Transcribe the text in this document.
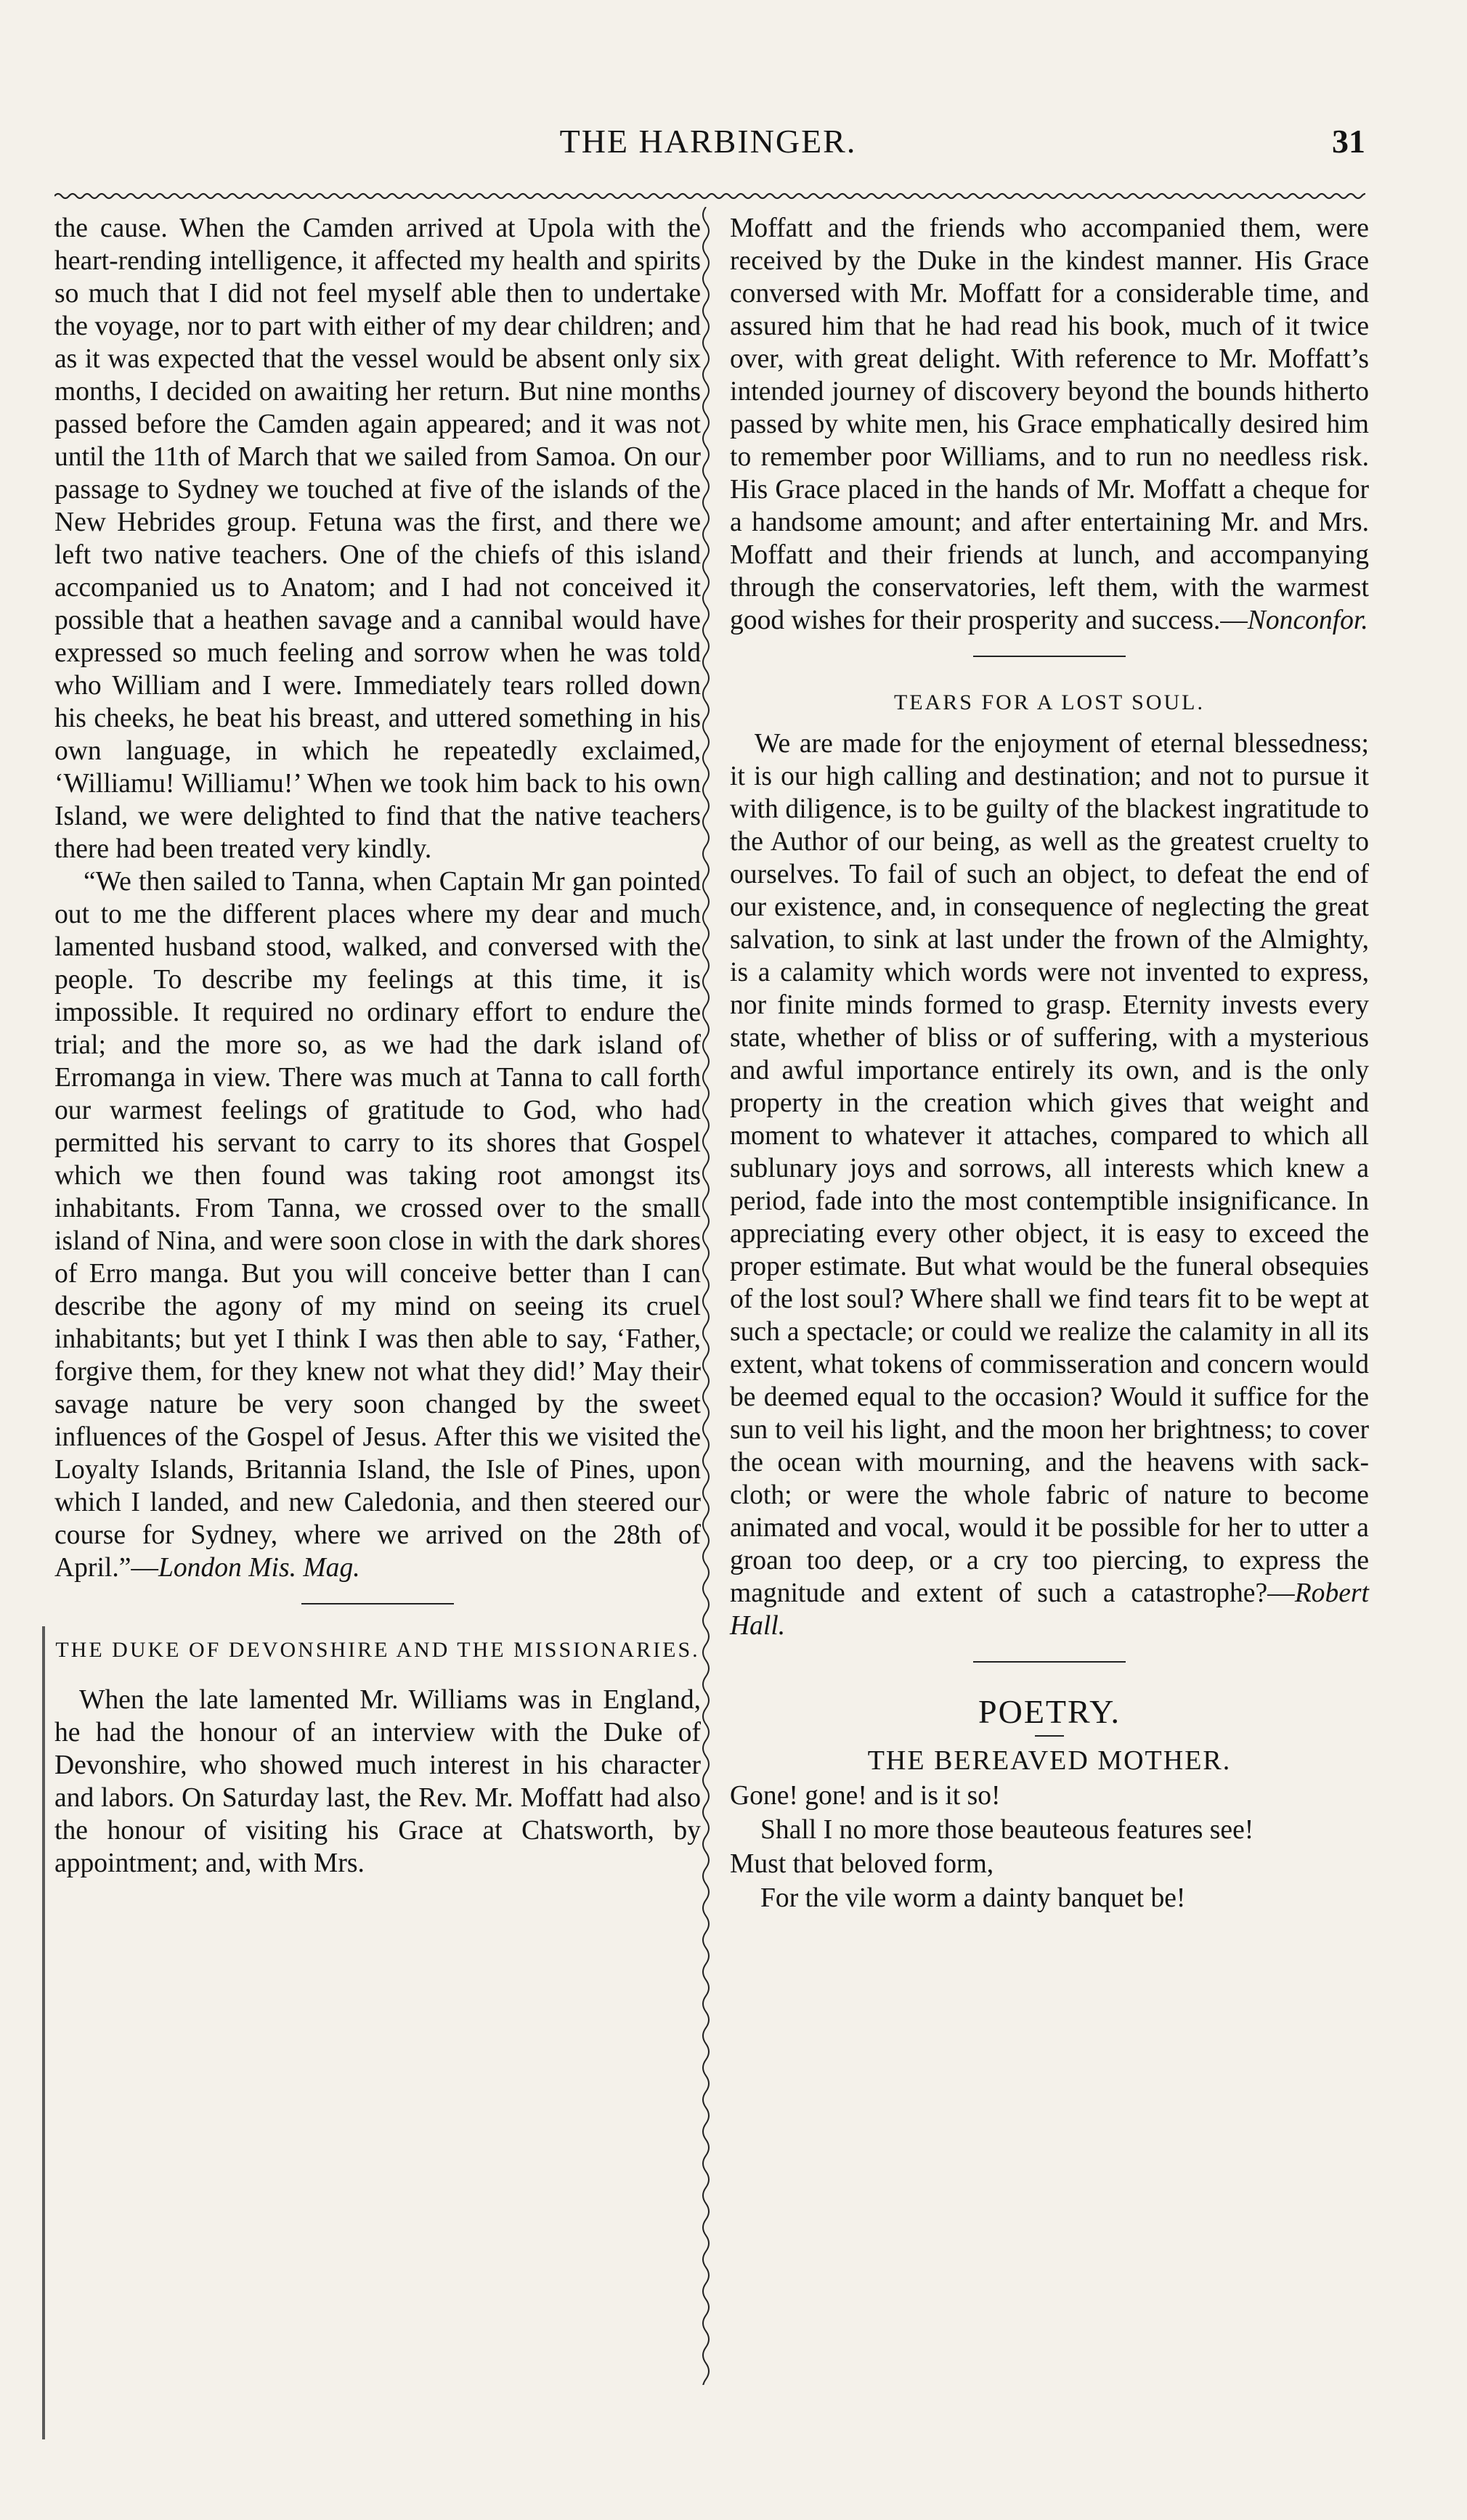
THE HARBINGER.	31

the cause. When the Camden arrived at Upola with the heart-rending intelligence, it affected my health and spirits so much that I did not feel myself able then to undertake the voyage, nor to part with either of my dear children; and as it was expected that the vessel would be absent only six months, I decided on awaiting her return. But nine months passed before the Camden again appeared; and it was not until the 11th of March that we sailed from Samoa. On our passage to Sydney we touched at five of the islands of the New Hebrides group. Fetuna was the first, and there we left two native teachers. One of the chiefs of this island accompanied us to Anatom; and I had not conceived it possible that a heathen savage and a cannibal would have expressed so much feeling and sorrow when he was told who William and I were. Immediately tears rolled down his cheeks, he beat his breast, and uttered something in his own language, in which he repeatedly exclaimed, ‘Williamu! Williamu!’ When we took him back to his own Island, we were delighted to find that the native teachers there had been treated very kindly.

“We then sailed to Tanna, when Captain Mr gan pointed out to me the different places where my dear and much lamented husband stood, walked, and conversed with the people. To describe my feelings at this time, it is impossible. It required no ordinary effort to endure the trial; and the more so, as we had the dark island of Erromanga in view. There was much at Tanna to call forth our warmest feelings of gratitude to God, who had permitted his servant to carry to its shores that Gospel which we then found was taking root amongst its inhabitants. From Tanna, we crossed over to the small island of Nina, and were soon close in with the dark shores of Erro manga. But you will conceive better than I can describe the agony of my mind on seeing its cruel inhabitants; but yet I think I was then able to say, ‘Father, forgive them, for they knew not what they did!’ May their savage nature be very soon changed by the sweet influences of the Gospel of Jesus. After this we visited the Loyalty Islands, Britannia Island, the Isle of Pines, upon which I landed, and new Caledonia, and then steered our course for Sydney, where we arrived on the 28th of April.”—London Mis. Mag.

THE DUKE OF DEVONSHIRE AND THE MISSIONARIES.

When the late lamented Mr. Williams was in England, he had the honour of an interview with the Duke of Devonshire, who showed much interest in his character and labors. On Saturday last, the Rev. Mr. Moffatt had also the honour of visiting his Grace at Chatsworth, by appointment; and, with Mrs.

Moffatt and the friends who accompanied them, were received by the Duke in the kindest manner. His Grace conversed with Mr. Moffatt for a considerable time, and assured him that he had read his book, much of it twice over, with great delight. With reference to Mr. Moffatt’s intended journey of discovery beyond the bounds hitherto passed by white men, his Grace emphatically desired him to remember poor Williams, and to run no needless risk. His Grace placed in the hands of Mr. Moffatt a cheque for a handsome amount; and after entertaining Mr. and Mrs. Moffatt and their friends at lunch, and accompanying through the conservatories, left them, with the warmest good wishes for their prosperity and success.—Nonconfor.

TEARS FOR A LOST SOUL.

We are made for the enjoyment of eternal blessedness; it is our high calling and destination; and not to pursue it with diligence, is to be guilty of the blackest ingratitude to the Author of our being, as well as the greatest cruelty to ourselves. To fail of such an object, to defeat the end of our existence, and, in consequence of neglecting the great salvation, to sink at last under the frown of the Almighty, is a calamity which words were not invented to express, nor finite minds formed to grasp. Eternity invests every state, whether of bliss or of suffering, with a mysterious and awful importance entirely its own, and is the only property in the creation which gives that weight and moment to whatever it attaches, compared to which all sublunary joys and sorrows, all interests which knew a period, fade into the most contemptible insignificance. In appreciating every other object, it is easy to exceed the proper estimate. But what would be the funeral obsequies of the lost soul? Where shall we find tears fit to be wept at such a spectacle; or could we realize the calamity in all its extent, what tokens of commisseration and concern would be deemed equal to the occasion? Would it suffice for the sun to veil his light, and the moon her brightness; to cover the ocean with mourning, and the heavens with sack-cloth; or were the whole fabric of nature to become animated and vocal, would it be possible for her to utter a groan too deep, or a cry too piercing, to express the magnitude and extent of such a catastrophe?—Robert Hall.

POETRY.

THE BEREAVED MOTHER.

Gone! gone! and is it so!

Shall I no more those beauteous features see!

Must that beloved form,

For the vile worm a dainty banquet be!
